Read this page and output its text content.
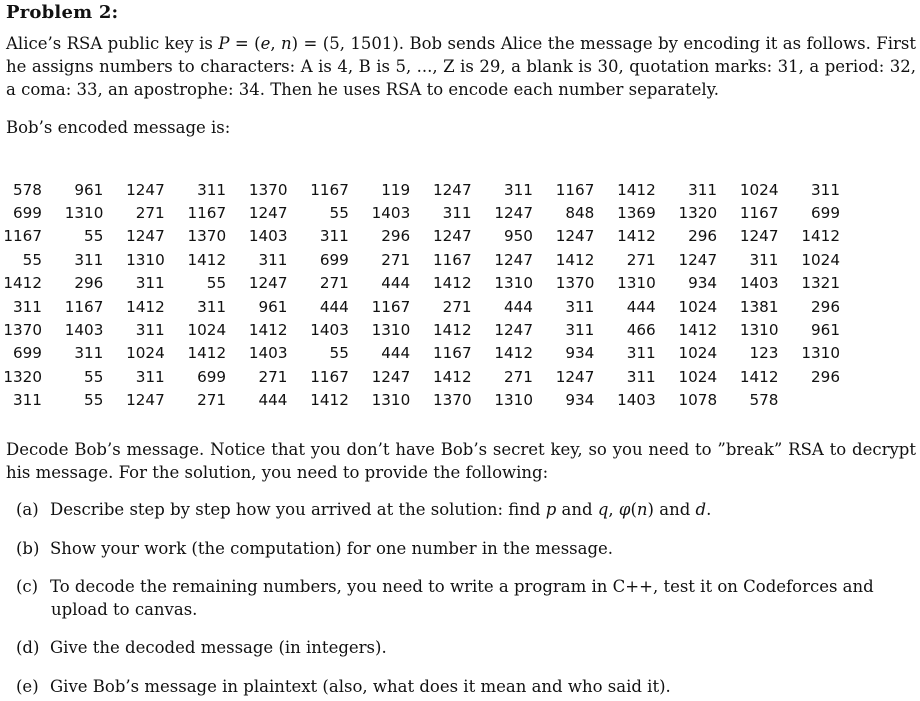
Problem 2:
Alice’s RSA public key is P = (e, n) = (5, 1501). Bob sends Alice the message by encoding it as follows. First he assigns numbers to characters: A is 4, B is 5, ..., Z is 29, a blank is 30, quotation marks: 31, a period: 32, a coma: 33, an apostrophe: 34. Then he uses RSA to encode each number separately.
Bob’s encoded message is:
578	961	1247	311	1370	1167	119	1247	311	1167	1412	311	1024	311
699	1310	271	1167	1247	55	1403	311	1247	848	1369	1320	1167	699
1167	55	1247	1370	1403	311	296	1247	950	1247	1412	296	1247	1412
55	311	1310	1412	311	699	271	1167	1247	1412	271	1247	311	1024
1412	296	311	55	1247	271	444	1412	1310	1370	1310	934	1403	1321
311	1167	1412	311	961	444	1167	271	444	311	444	1024	1381	296
1370	1403	311	1024	1412	1403	1310	1412	1247	311	466	1412	1310	961
699	311	1024	1412	1403	55	444	1167	1412	934	311	1024	123	1310
1320	55	311	699	271	1167	1247	1412	271	1247	311	1024	1412	296
311	55	1247	271	444	1412	1310	1370	1310	934	1403	1078	578	
Decode Bob’s message. Notice that you don’t have Bob’s secret key, so you need to ”break” RSA to decrypt his message. For the solution, you need to provide the following:
(a) Describe step by step how you arrived at the solution: find p and q, φ(n) and d.
(b) Show your work (the computation) for one number in the message.
(c) To decode the remaining numbers, you need to write a program in C++, test it on Codeforces and
upload to canvas.
(d) Give the decoded message (in integers).
(e) Give Bob’s message in plaintext (also, what does it mean and who said it).
